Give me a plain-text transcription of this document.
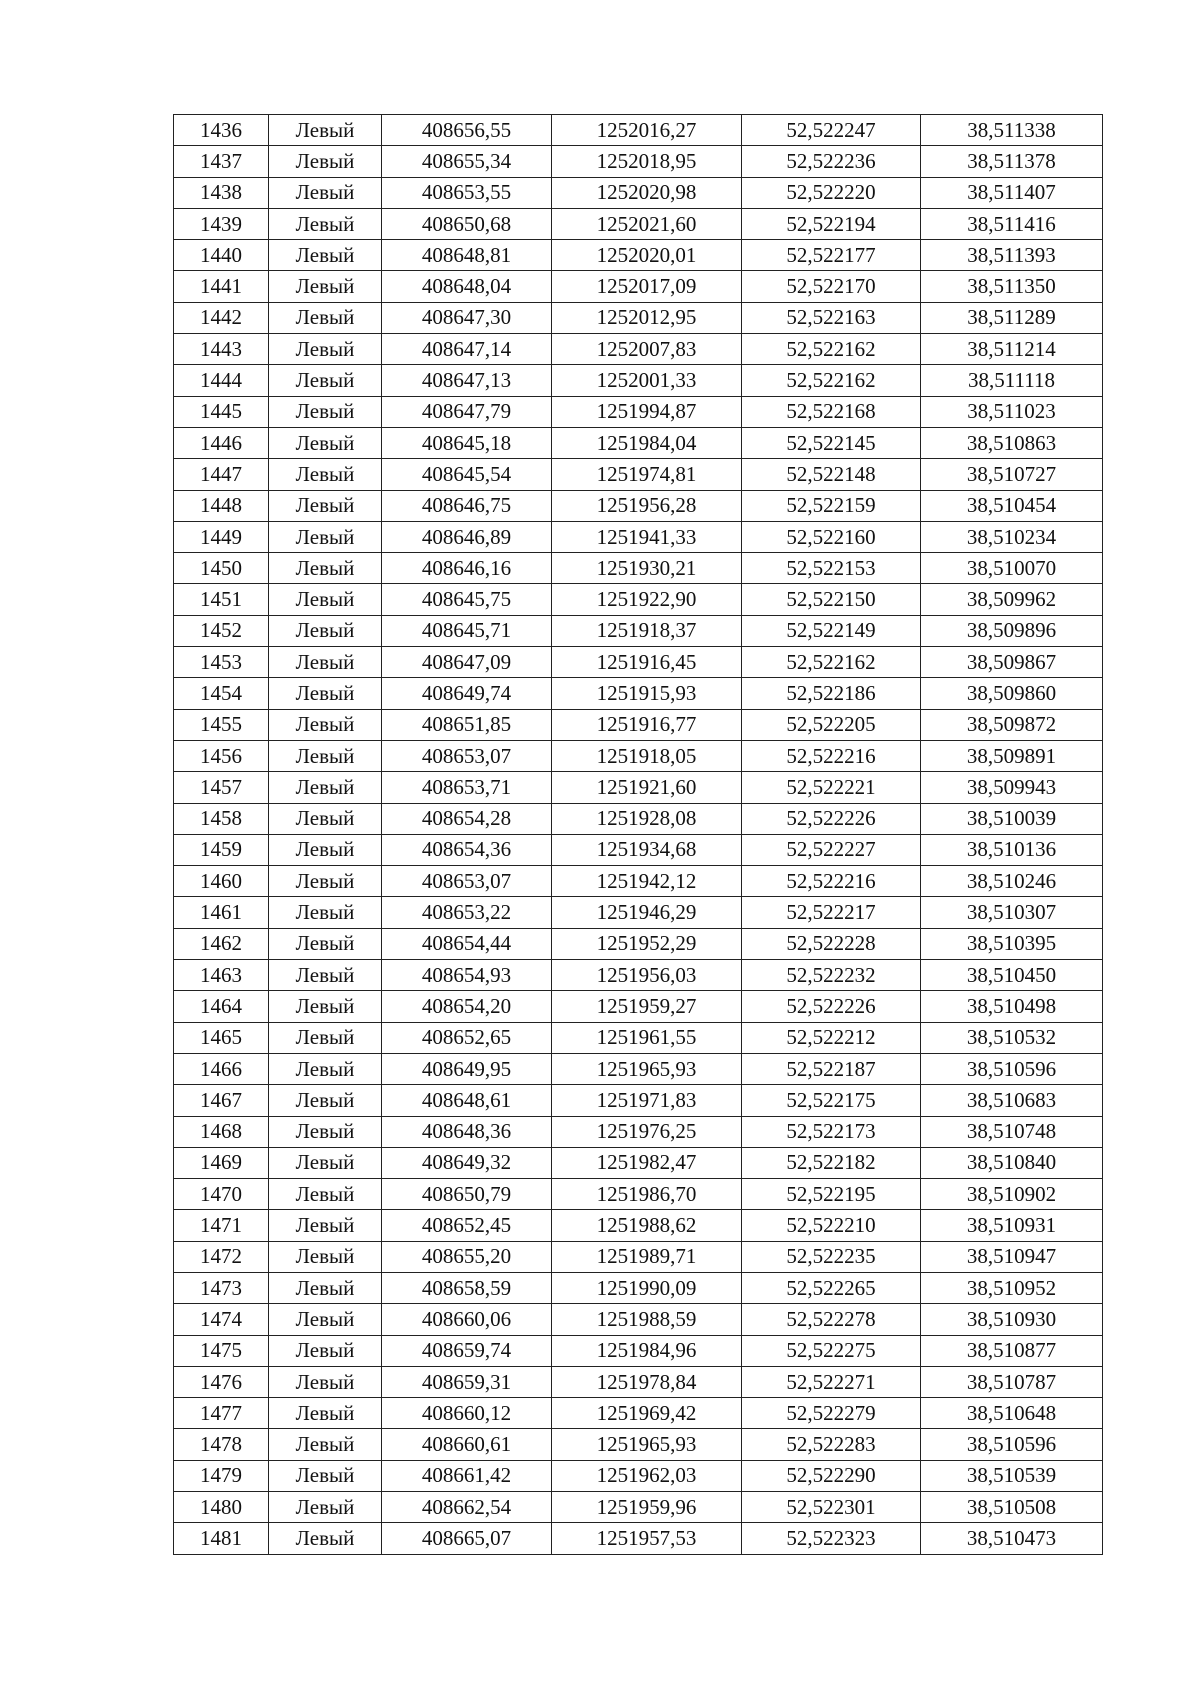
1436	Левый	408656,55	1252016,27	52,522247	38,511338
1437	Левый	408655,34	1252018,95	52,522236	38,511378
1438	Левый	408653,55	1252020,98	52,522220	38,511407
1439	Левый	408650,68	1252021,60	52,522194	38,511416
1440	Левый	408648,81	1252020,01	52,522177	38,511393
1441	Левый	408648,04	1252017,09	52,522170	38,511350
1442	Левый	408647,30	1252012,95	52,522163	38,511289
1443	Левый	408647,14	1252007,83	52,522162	38,511214
1444	Левый	408647,13	1252001,33	52,522162	38,511118
1445	Левый	408647,79	1251994,87	52,522168	38,511023
1446	Левый	408645,18	1251984,04	52,522145	38,510863
1447	Левый	408645,54	1251974,81	52,522148	38,510727
1448	Левый	408646,75	1251956,28	52,522159	38,510454
1449	Левый	408646,89	1251941,33	52,522160	38,510234
1450	Левый	408646,16	1251930,21	52,522153	38,510070
1451	Левый	408645,75	1251922,90	52,522150	38,509962
1452	Левый	408645,71	1251918,37	52,522149	38,509896
1453	Левый	408647,09	1251916,45	52,522162	38,509867
1454	Левый	408649,74	1251915,93	52,522186	38,509860
1455	Левый	408651,85	1251916,77	52,522205	38,509872
1456	Левый	408653,07	1251918,05	52,522216	38,509891
1457	Левый	408653,71	1251921,60	52,522221	38,509943
1458	Левый	408654,28	1251928,08	52,522226	38,510039
1459	Левый	408654,36	1251934,68	52,522227	38,510136
1460	Левый	408653,07	1251942,12	52,522216	38,510246
1461	Левый	408653,22	1251946,29	52,522217	38,510307
1462	Левый	408654,44	1251952,29	52,522228	38,510395
1463	Левый	408654,93	1251956,03	52,522232	38,510450
1464	Левый	408654,20	1251959,27	52,522226	38,510498
1465	Левый	408652,65	1251961,55	52,522212	38,510532
1466	Левый	408649,95	1251965,93	52,522187	38,510596
1467	Левый	408648,61	1251971,83	52,522175	38,510683
1468	Левый	408648,36	1251976,25	52,522173	38,510748
1469	Левый	408649,32	1251982,47	52,522182	38,510840
1470	Левый	408650,79	1251986,70	52,522195	38,510902
1471	Левый	408652,45	1251988,62	52,522210	38,510931
1472	Левый	408655,20	1251989,71	52,522235	38,510947
1473	Левый	408658,59	1251990,09	52,522265	38,510952
1474	Левый	408660,06	1251988,59	52,522278	38,510930
1475	Левый	408659,74	1251984,96	52,522275	38,510877
1476	Левый	408659,31	1251978,84	52,522271	38,510787
1477	Левый	408660,12	1251969,42	52,522279	38,510648
1478	Левый	408660,61	1251965,93	52,522283	38,510596
1479	Левый	408661,42	1251962,03	52,522290	38,510539
1480	Левый	408662,54	1251959,96	52,522301	38,510508
1481	Левый	408665,07	1251957,53	52,522323	38,510473
